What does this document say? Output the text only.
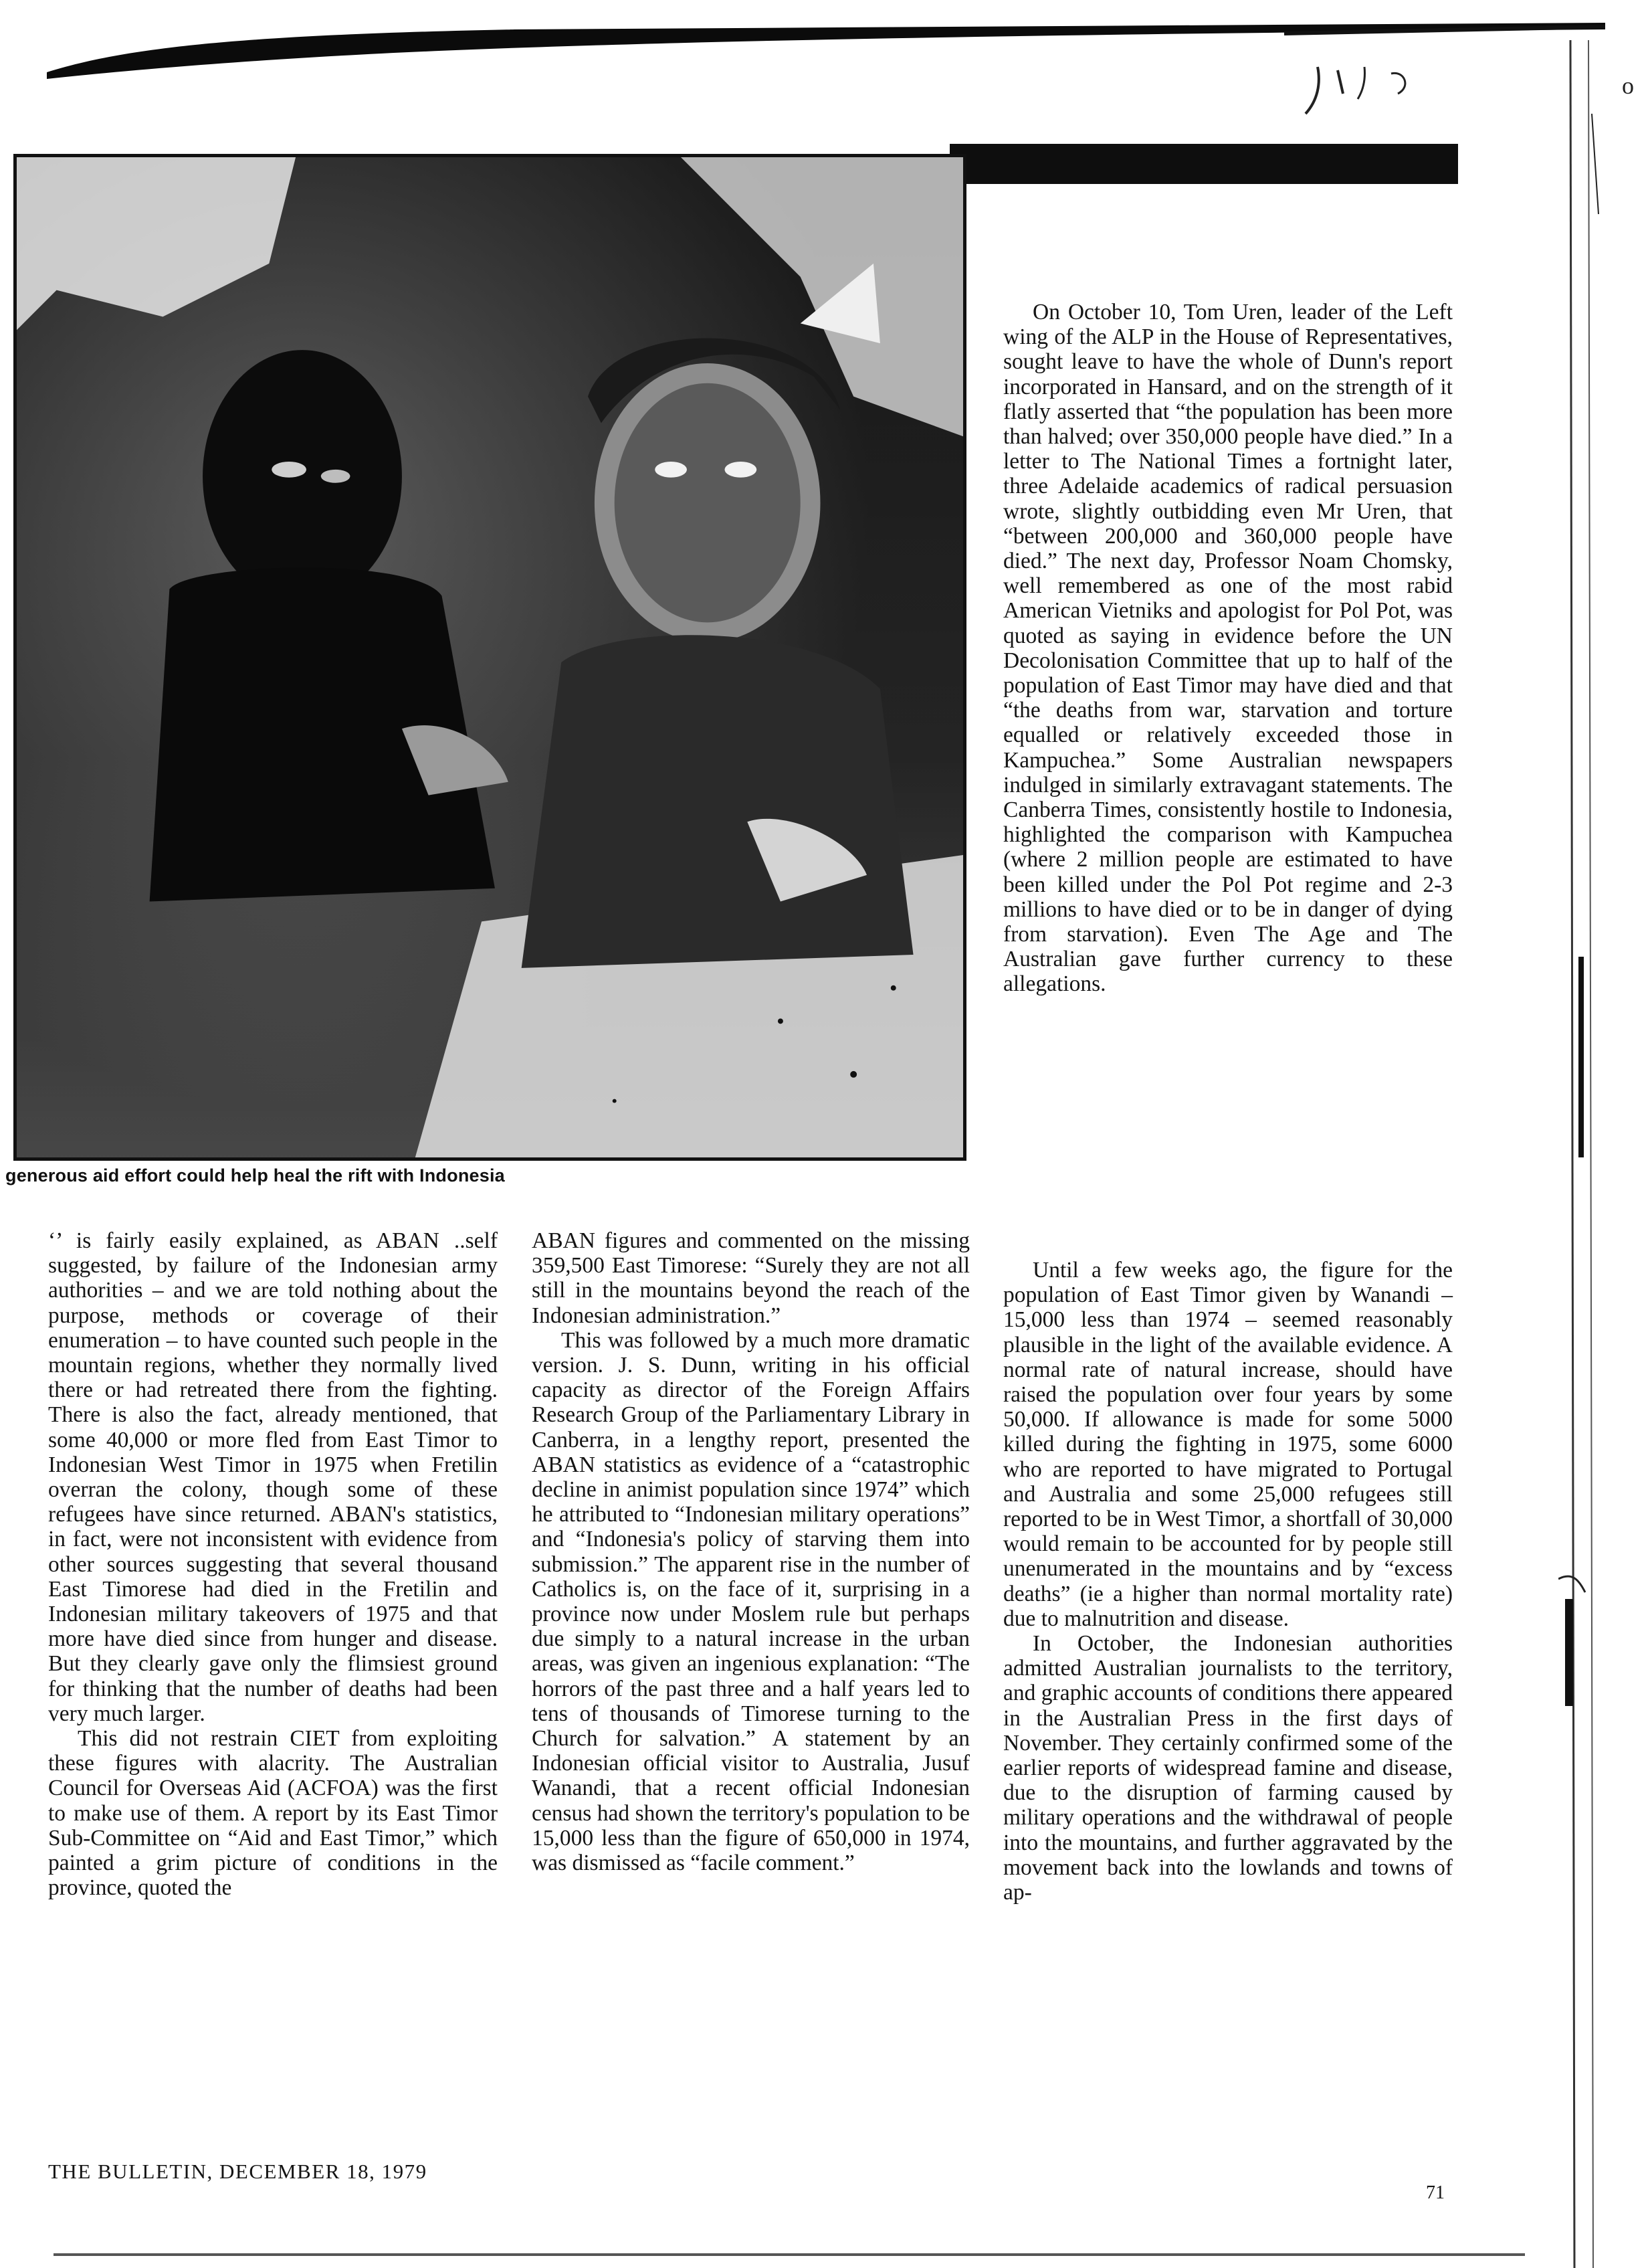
o
generous aid effort could help heal the rift with Indonesia

‘’ is fairly easily explained, as ABAN ..self suggested, by failure of the Indonesian army authorities – and we are told nothing about the purpose, methods or coverage of their enumeration – to have counted such people in the mountain regions, whether they normally lived there or had retreated there from the fighting. There is also the fact, already mentioned, that some 40,000 or more fled from East Timor to Indonesian West Timor in 1975 when Fretilin overran the colony, though some of these refugees have since returned. ABAN's statistics, in fact, were not inconsistent with evidence from other sources suggesting that several thousand East Timorese had died in the Fretilin and Indonesian military takeovers of 1975 and that more have died since from hunger and disease. But they clearly gave only the flimsiest ground for thinking that the number of deaths had been very much larger.

This did not restrain CIET from exploiting these figures with alacrity. The Australian Council for Overseas Aid (ACFOA) was the first to make use of them. A report by its East Timor Sub-Committee on “Aid and East Timor,” which painted a grim picture of conditions in the province, quoted the

ABAN figures and commented on the missing 359,500 East Timorese: “Surely they are not all still in the mountains beyond the reach of the Indonesian administration.”

This was followed by a much more dramatic version. J. S. Dunn, writing in his official capacity as director of the Foreign Affairs Research Group of the Parliamentary Library in Canberra, in a lengthy report, presented the ABAN statistics as evidence of a “catastrophic decline in animist population since 1974” which he attributed to “Indonesian military operations” and “Indonesia's policy of starving them into submission.” The apparent rise in the number of Catholics is, on the face of it, surprising in a province now under Moslem rule but perhaps due simply to a natural increase in the urban areas, was given an ingenious explanation: “The horrors of the past three and a half years led to tens of thousands of Timorese turning to the Church for salvation.” A statement by an Indonesian official visitor to Australia, Jusuf Wanandi, that a recent official Indonesian census had shown the territory's population to be 15,000 less than the figure of 650,000 in 1974, was dismissed as “facile comment.”

On October 10, Tom Uren, leader of the Left wing of the ALP in the House of Representatives, sought leave to have the whole of Dunn's report incorporated in Hansard, and on the strength of it flatly asserted that “the population has been more than halved; over 350,000 people have died.” In a letter to The National Times a fortnight later, three Adelaide academics of radical persuasion wrote, slightly outbidding even Mr Uren, that “between 200,000 and 360,000 people have died.” The next day, Professor Noam Chomsky, well remembered as one of the most rabid American Vietniks and apologist for Pol Pot, was quoted as saying in evidence before the UN Decolonisation Committee that up to half of the population of East Timor may have died and that “the deaths from war, starvation and torture equalled or relatively exceeded those in Kampuchea.” Some Australian newspapers indulged in similarly extravagant statements. The Canberra Times, consistently hostile to Indonesia, highlighted the comparison with Kampuchea (where 2 million people are estimated to have been killed under the Pol Pot regime and 2-3 millions to have died or to be in danger of dying from starvation). Even The Age and The Australian gave further currency to these allegations.

Until a few weeks ago, the figure for the population of East Timor given by Wanandi – 15,000 less than 1974 – seemed reasonably plausible in the light of the available evidence. A normal rate of natural increase, should have raised the population over four years by some 50,000. If allowance is made for some 5000 killed during the fighting in 1975, some 6000 who are reported to have migrated to Portugal and Australia and some 25,000 refugees still reported to be in West Timor, a shortfall of 30,000 would remain to be accounted for by people still unenumerated in the mountains and by “excess deaths” (ie a higher than normal mortality rate) due to malnutrition and disease.

In October, the Indonesian authorities admitted Australian journalists to the territory, and graphic accounts of conditions there appeared in the Australian Press in the first days of November. They certainly confirmed some of the earlier reports of widespread famine and disease, due to the disruption of farming caused by military operations and the withdrawal of people into the mountains, and further aggravated by the movement back into the lowlands and towns of ap-

THE BULLETIN, DECEMBER 18, 1979
71
